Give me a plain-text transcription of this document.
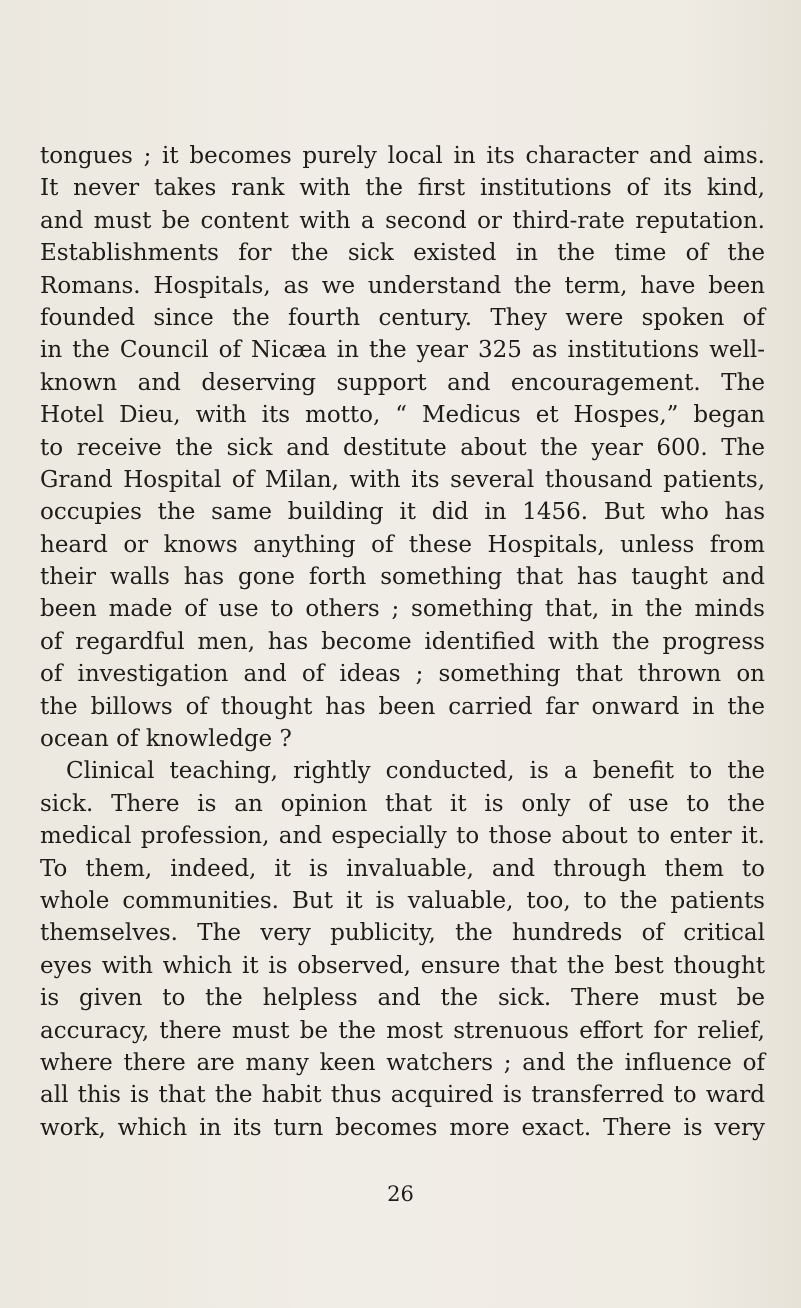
tongues ; it becomes purely local in its character and aims.
It never takes rank with the first institutions of its kind,
and must be content with a second or third-rate reputation.
Establishments for the sick existed in the time of the
Romans. Hospitals, as we understand the term, have been
founded since the fourth century. They were spoken of
in the Council of Nicæa in the year 325 as institutions well-
known and deserving support and encouragement. The
Hotel Dieu, with its motto, “ Medicus et Hospes,” began
to receive the sick and destitute about the year 600. The
Grand Hospital of Milan, with its several thousand patients,
occupies the same building it did in 1456. But who has
heard or knows anything of these Hospitals, unless from
their walls has gone forth something that has taught and
been made of use to others ; something that, in the minds
of regardful men, has become identified with the progress
of investigation and of ideas ; something that thrown on
the billows of thought has been carried far onward in the
ocean of knowledge ?
Clinical teaching, rightly conducted, is a benefit to the
sick. There is an opinion that it is only of use to the
medical profession, and especially to those about to enter it.
To them, indeed, it is invaluable, and through them to
whole communities. But it is valuable, too, to the patients
themselves. The very publicity, the hundreds of critical
eyes with which it is observed, ensure that the best thought
is given to the helpless and the sick. There must be
accuracy, there must be the most strenuous effort for relief,
where there are many keen watchers ; and the influence of
all this is that the habit thus acquired is transferred to ward
work, which in its turn becomes more exact. There is very
26
